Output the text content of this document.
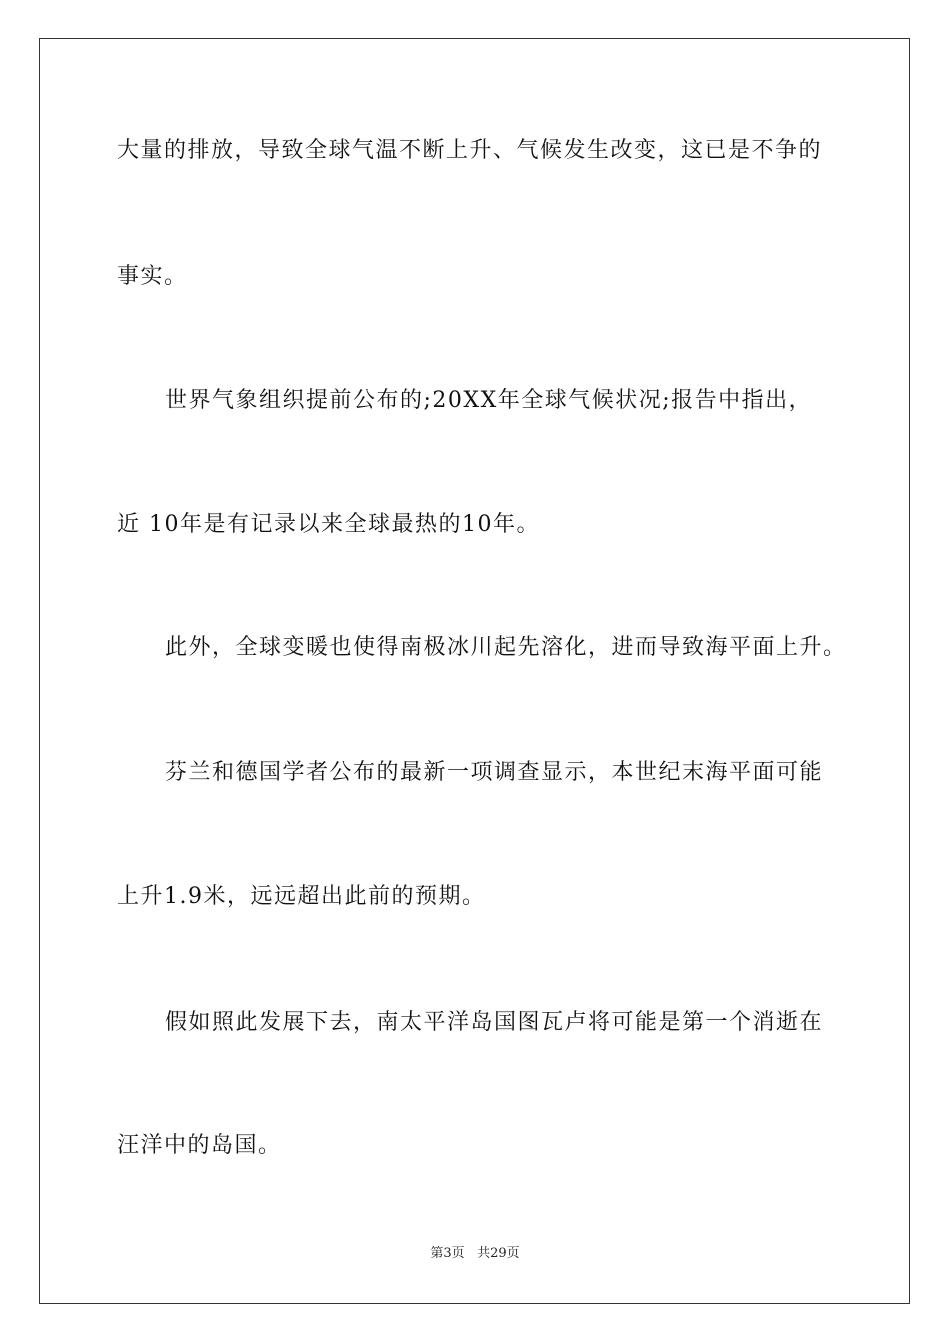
大量的排放，导致全球气温不断上升、气候发生改变，这已是不争的
事实。
世界气象组织提前公布的;20XX年全球气候状况;报告中指出，
近 10年是有记录以来全球最热的10年。
此外，全球变暖也使得南极冰川起先溶化，进而导致海平面上升。
芬兰和德国学者公布的最新一项调查显示，本世纪末海平面可能
上升1.9米，远远超出此前的预期。
假如照此发展下去，南太平洋岛国图瓦卢将可能是第一个消逝在
汪洋中的岛国。
第3页 共29页
